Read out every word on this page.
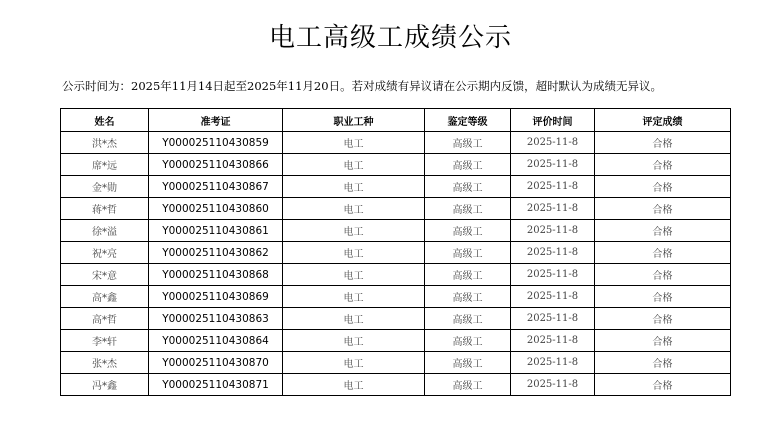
电工高级工成绩公示
公示时间为：2025年11月14日起至2025年11月20日。若对成绩有异议请在公示期内反馈，超时默认为成绩无异议。
姓名	准考证	职业工种	鉴定等级	评价时间	评定成绩
洪*杰	Y000025110430859	电工	高级工	2025-11-8	合格
席*远	Y000025110430866	电工	高级工	2025-11-8	合格
金*勋	Y000025110430867	电工	高级工	2025-11-8	合格
蒋*哲	Y000025110430860	电工	高级工	2025-11-8	合格
徐*溢	Y000025110430861	电工	高级工	2025-11-8	合格
祝*亮	Y000025110430862	电工	高级工	2025-11-8	合格
宋*意	Y000025110430868	电工	高级工	2025-11-8	合格
高*鑫	Y000025110430869	电工	高级工	2025-11-8	合格
高*哲	Y000025110430863	电工	高级工	2025-11-8	合格
李*轩	Y000025110430864	电工	高级工	2025-11-8	合格
张*杰	Y000025110430870	电工	高级工	2025-11-8	合格
冯*鑫	Y000025110430871	电工	高级工	2025-11-8	合格
